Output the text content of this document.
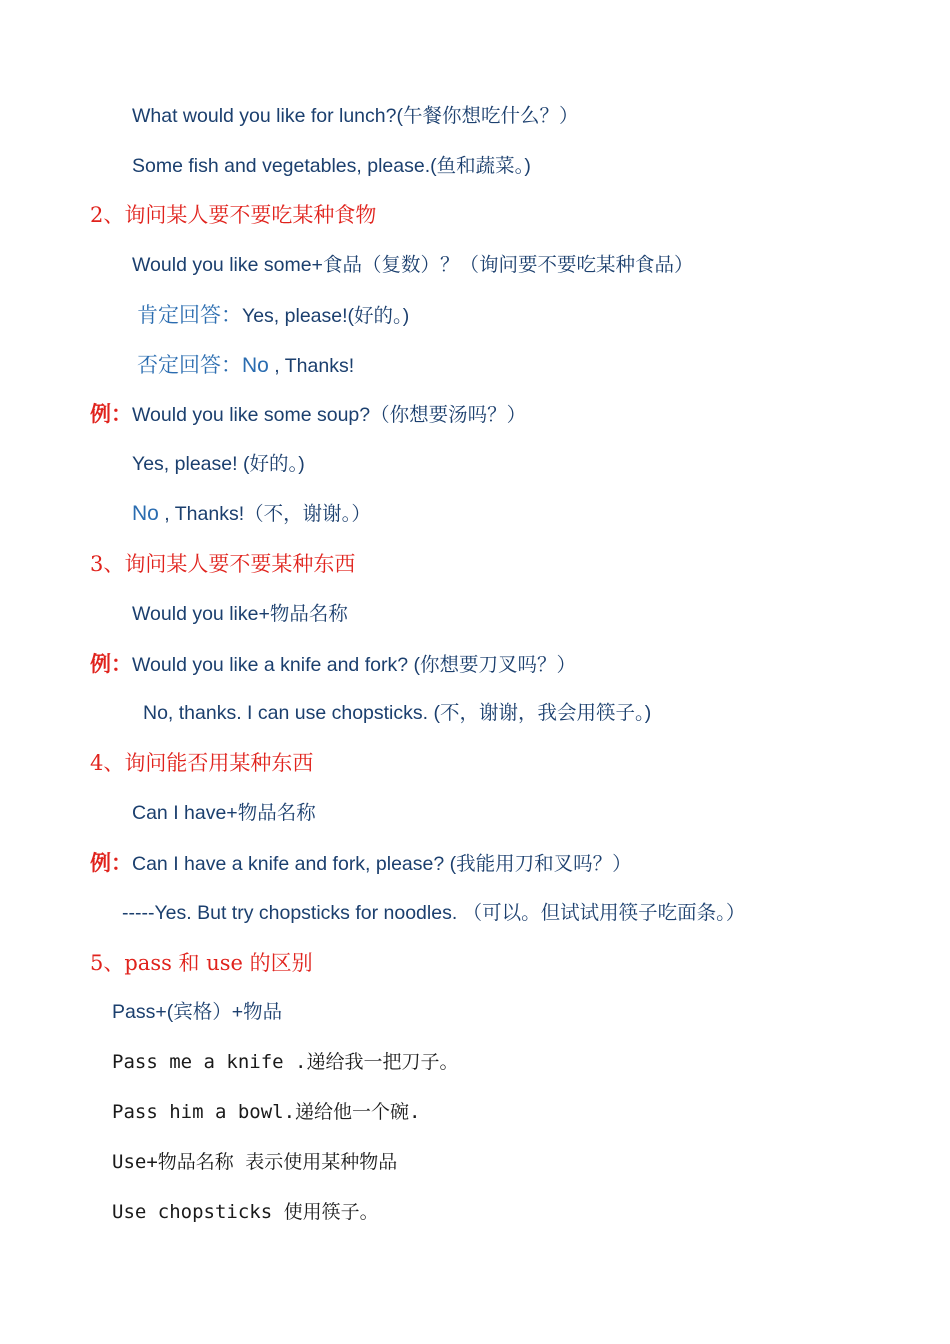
What would you like for lunch?(午餐你想吃什么？）
Some fish and vegetables, please.(鱼和蔬菜。)
2、询问某人要不要吃某种食物
Would you like some+食品（复数）？（询问要不要吃某种食品）
肯定回答：Yes, please!(好的。)
否定回答：No , Thanks!
例：Would you like some soup?（你想要汤吗？）
Yes, please! (好的。)
No , Thanks!（不，谢谢。）
3、询问某人要不要某种东西
Would you like+物品名称
例：Would you like a knife and fork? (你想要刀叉吗？）
No, thanks. I can use chopsticks. (不，谢谢，我会用筷子。)
4、询问能否用某种东西
Can I have+物品名称
例：Can I have a knife and fork, please? (我能用刀和叉吗？）
-----Yes. But try chopsticks for noodles. （可以。但试试用筷子吃面条。）
5、pass 和 use 的区别
Pass+(宾格）+物品
Pass me a knife .递给我一把刀子。
Pass him a bowl.递给他一个碗.
Use+物品名称 表示使用某种物品
Use chopsticks 使用筷子。
